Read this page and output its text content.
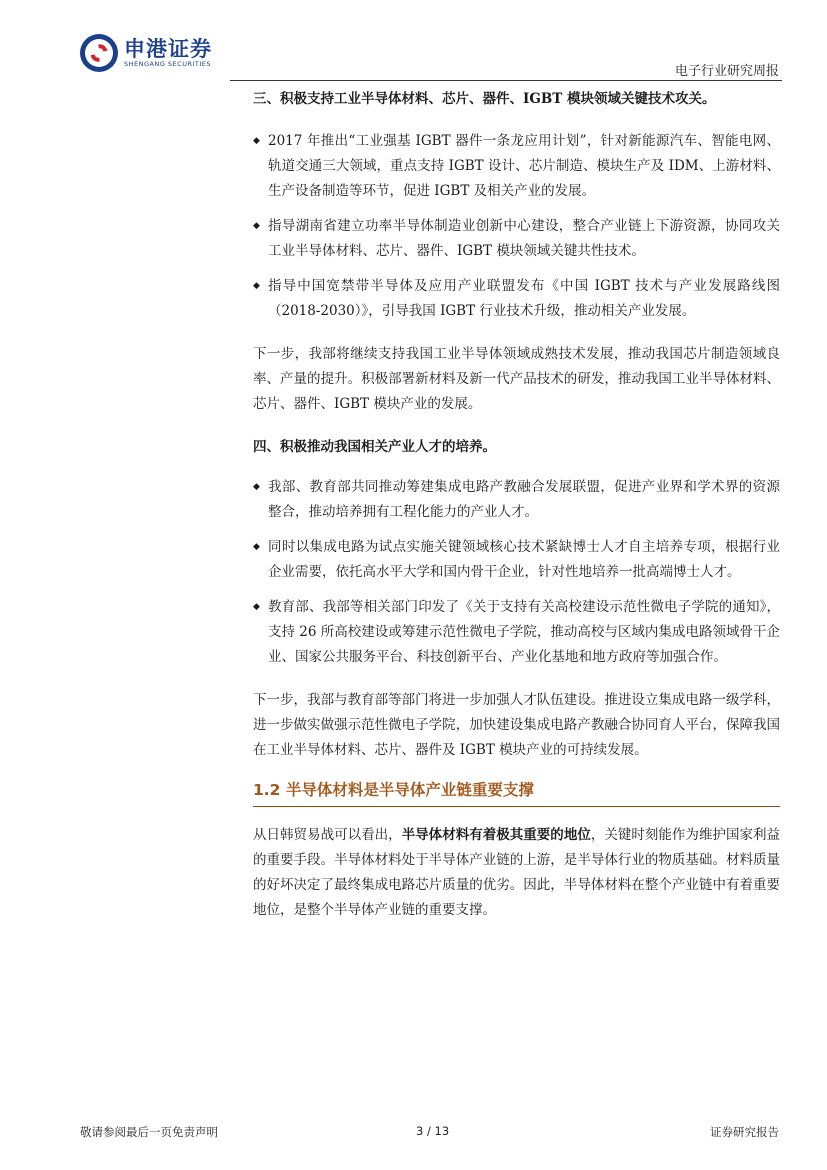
申港证券
SHENGANG SECURITIES
电子行业研究周报

三、积极支持工业半导体材料、芯片、器件、IGBT 模块领域关键技术攻关。

◆ 2017 年推出“工业强基 IGBT 器件一条龙应用计划”，针对新能源汽车、智能电网、轨道交通三大领域，重点支持 IGBT 设计、芯片制造、模块生产及 IDM、上游材料、生产设备制造等环节，促进 IGBT 及相关产业的发展。

◆ 指导湖南省建立功率半导体制造业创新中心建设，整合产业链上下游资源，协同攻关工业半导体材料、芯片、器件、IGBT 模块领域关键共性技术。

◆ 指导中国宽禁带半导体及应用产业联盟发布《中国 IGBT 技术与产业发展路线图（2018-2030）》，引导我国 IGBT 行业技术升级，推动相关产业发展。

下一步，我部将继续支持我国工业半导体领域成熟技术发展，推动我国芯片制造领域良率、产量的提升。积极部署新材料及新一代产品技术的研发，推动我国工业半导体材料、芯片、器件、IGBT 模块产业的发展。

四、积极推动我国相关产业人才的培养。

◆ 我部、教育部共同推动筹建集成电路产教融合发展联盟，促进产业界和学术界的资源整合，推动培养拥有工程化能力的产业人才。

◆ 同时以集成电路为试点实施关键领域核心技术紧缺博士人才自主培养专项，根据行业企业需要，依托高水平大学和国内骨干企业，针对性地培养一批高端博士人才。

◆ 教育部、我部等相关部门印发了《关于支持有关高校建设示范性微电子学院的通知》，支持 26 所高校建设或筹建示范性微电子学院，推动高校与区域内集成电路领域骨干企业、国家公共服务平台、科技创新平台、产业化基地和地方政府等加强合作。

下一步，我部与教育部等部门将进一步加强人才队伍建设。推进设立集成电路一级学科，进一步做实做强示范性微电子学院，加快建设集成电路产教融合协同育人平台，保障我国在工业半导体材料、芯片、器件及 IGBT 模块产业的可持续发展。

1.2 半导体材料是半导体产业链重要支撑

从日韩贸易战可以看出，半导体材料有着极其重要的地位，关键时刻能作为维护国家利益的重要手段。半导体材料处于半导体产业链的上游，是半导体行业的物质基础。材料质量的好坏决定了最终集成电路芯片质量的优劣。因此，半导体材料在整个产业链中有着重要地位，是整个半导体产业链的重要支撑。

敬请参阅最后一页免责声明	3 / 13	证券研究报告
